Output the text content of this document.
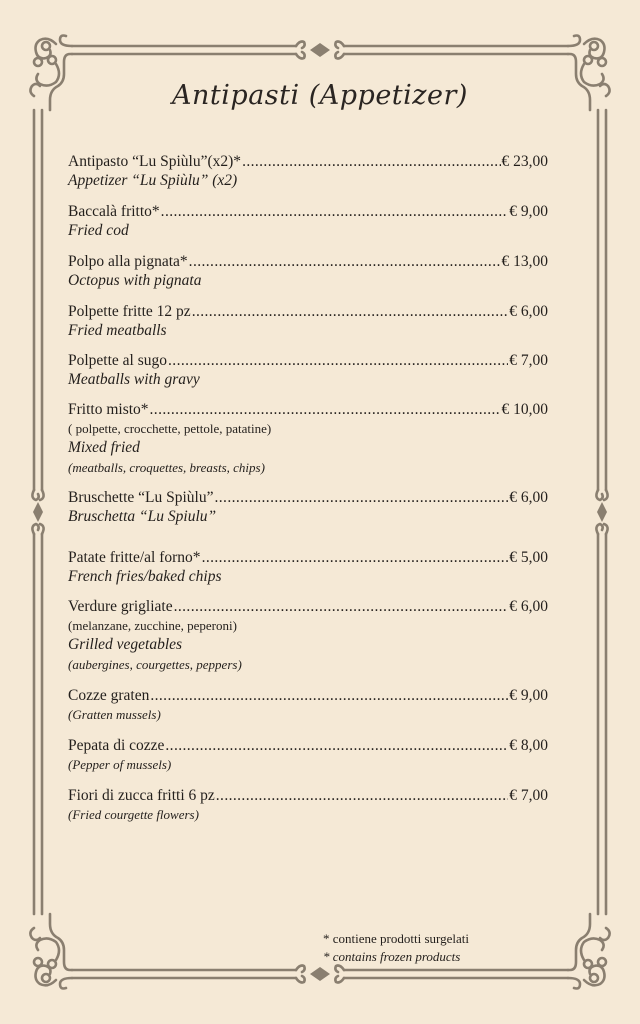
Antipasti (Appetizer)
Antipasto “Lu Spiùlu”(x2)* .....	€ 23,00
Appetizer “Lu Spiùlu” (x2)
Baccalà fritto* .....	€ 9,00
Fried cod
Polpo alla pignata* .....	€ 13,00
Octopus with pignata
Polpette fritte 12 pz .....	€ 6,00
Fried meatballs
Polpette al sugo .....	€ 7,00
Meatballs with gravy
Fritto misto* .....	€ 10,00
( polpette, crocchette, pettole, patatine)
Mixed fried
(meatballs, croquettes, breasts, chips)
Bruschette “Lu Spiùlu” .....	€ 6,00
Bruschetta “Lu Spiulu”
Patate fritte/al forno* .....	€ 5,00
French fries/baked chips
Verdure grigliate .....	€ 6,00
(melanzane, zucchine, peperoni)
Grilled vegetables
(aubergines, courgettes, peppers)
Cozze graten .....	€ 9,00
(Gratten mussels)
Pepata di cozze .....	€ 8,00
(Pepper of mussels)
Fiori di zucca fritti 6 pz .....	€ 7,00
(Fried courgette flowers)
* contiene prodotti surgelati
* contains frozen products
